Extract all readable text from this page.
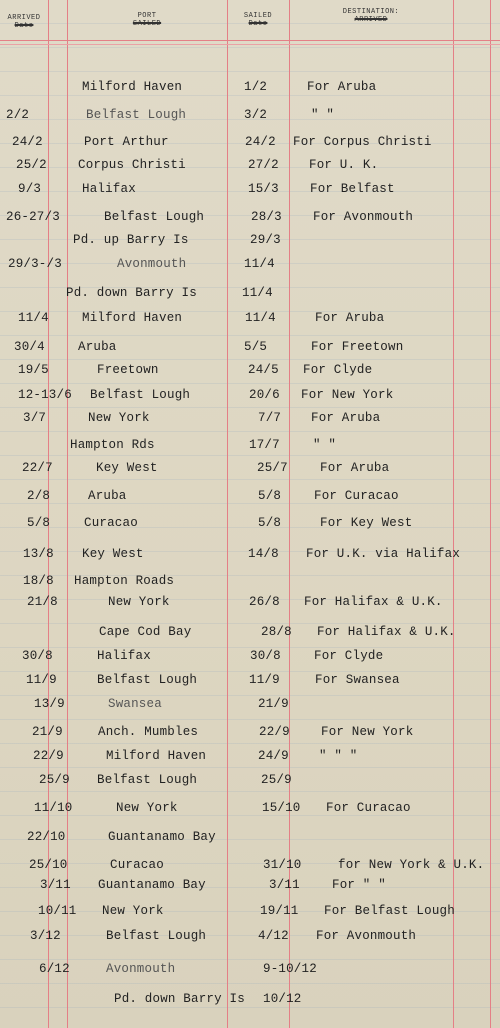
ARRIVED
Date
PORT
SAILED
SAILED
Date
DESTINATION:
ARRIVED
Milford Haven	1/2	For Aruba
2/2	Belfast Lough	3/2	" "
24/2	Port Arthur	24/2 For Corpus Christi
25/2 Corpus Christi	27/2 For U. K.
9/3	Halifax	15/3 For Belfast
26-27/3	Belfast Lough	28/3 For Avonmouth
Pd. up Barry Is	29/3
29/3-/3	Avonmouth	11/4
Pd. down Barry Is	11/4
11/4	Milford Haven	11/4	For Aruba
30/4	Aruba	5/5	For Freetown
19/5	Freetown	24/5 For Clyde
12-13/6 Belfast Lough	20/6 For New York
3/7	New York	7/7 For Aruba
Hampton Rds	17/7	" "
22/7	Key West	25/7	For Aruba
2/8	Aruba	5/8	For Curacao
5/8	Curacao	5/8	For Key West
13/8 Key West	14/8 For U.K. via Halifax
18/8 Hampton Roads
21/8	New York	26/8 For Halifax & U.K.
Cape Cod Bay	28/8 For Halifax & U.K.
30/8	Halifax	30/8	For Clyde
11/9	Belfast Lough	11/9	For Swansea
13/9	Swansea	21/9
21/9	Anch. Mumbles	22/9 For New York
22/9	Milford Haven	24/9 " " "
25/9 Belfast Lough	25/9
11/10	New York	15/10 For Curacao
22/10	Guantanamo Bay
25/10	Curacao	31/10	for New York & U.K.
3/11 Guantanamo Bay	3/11	For " "
10/11 New York	19/11 For Belfast Lough
3/12	Belfast Lough	4/12 For Avonmouth
6/12	Avonmouth	9-10/12
Pd. down Barry Is 10/12
